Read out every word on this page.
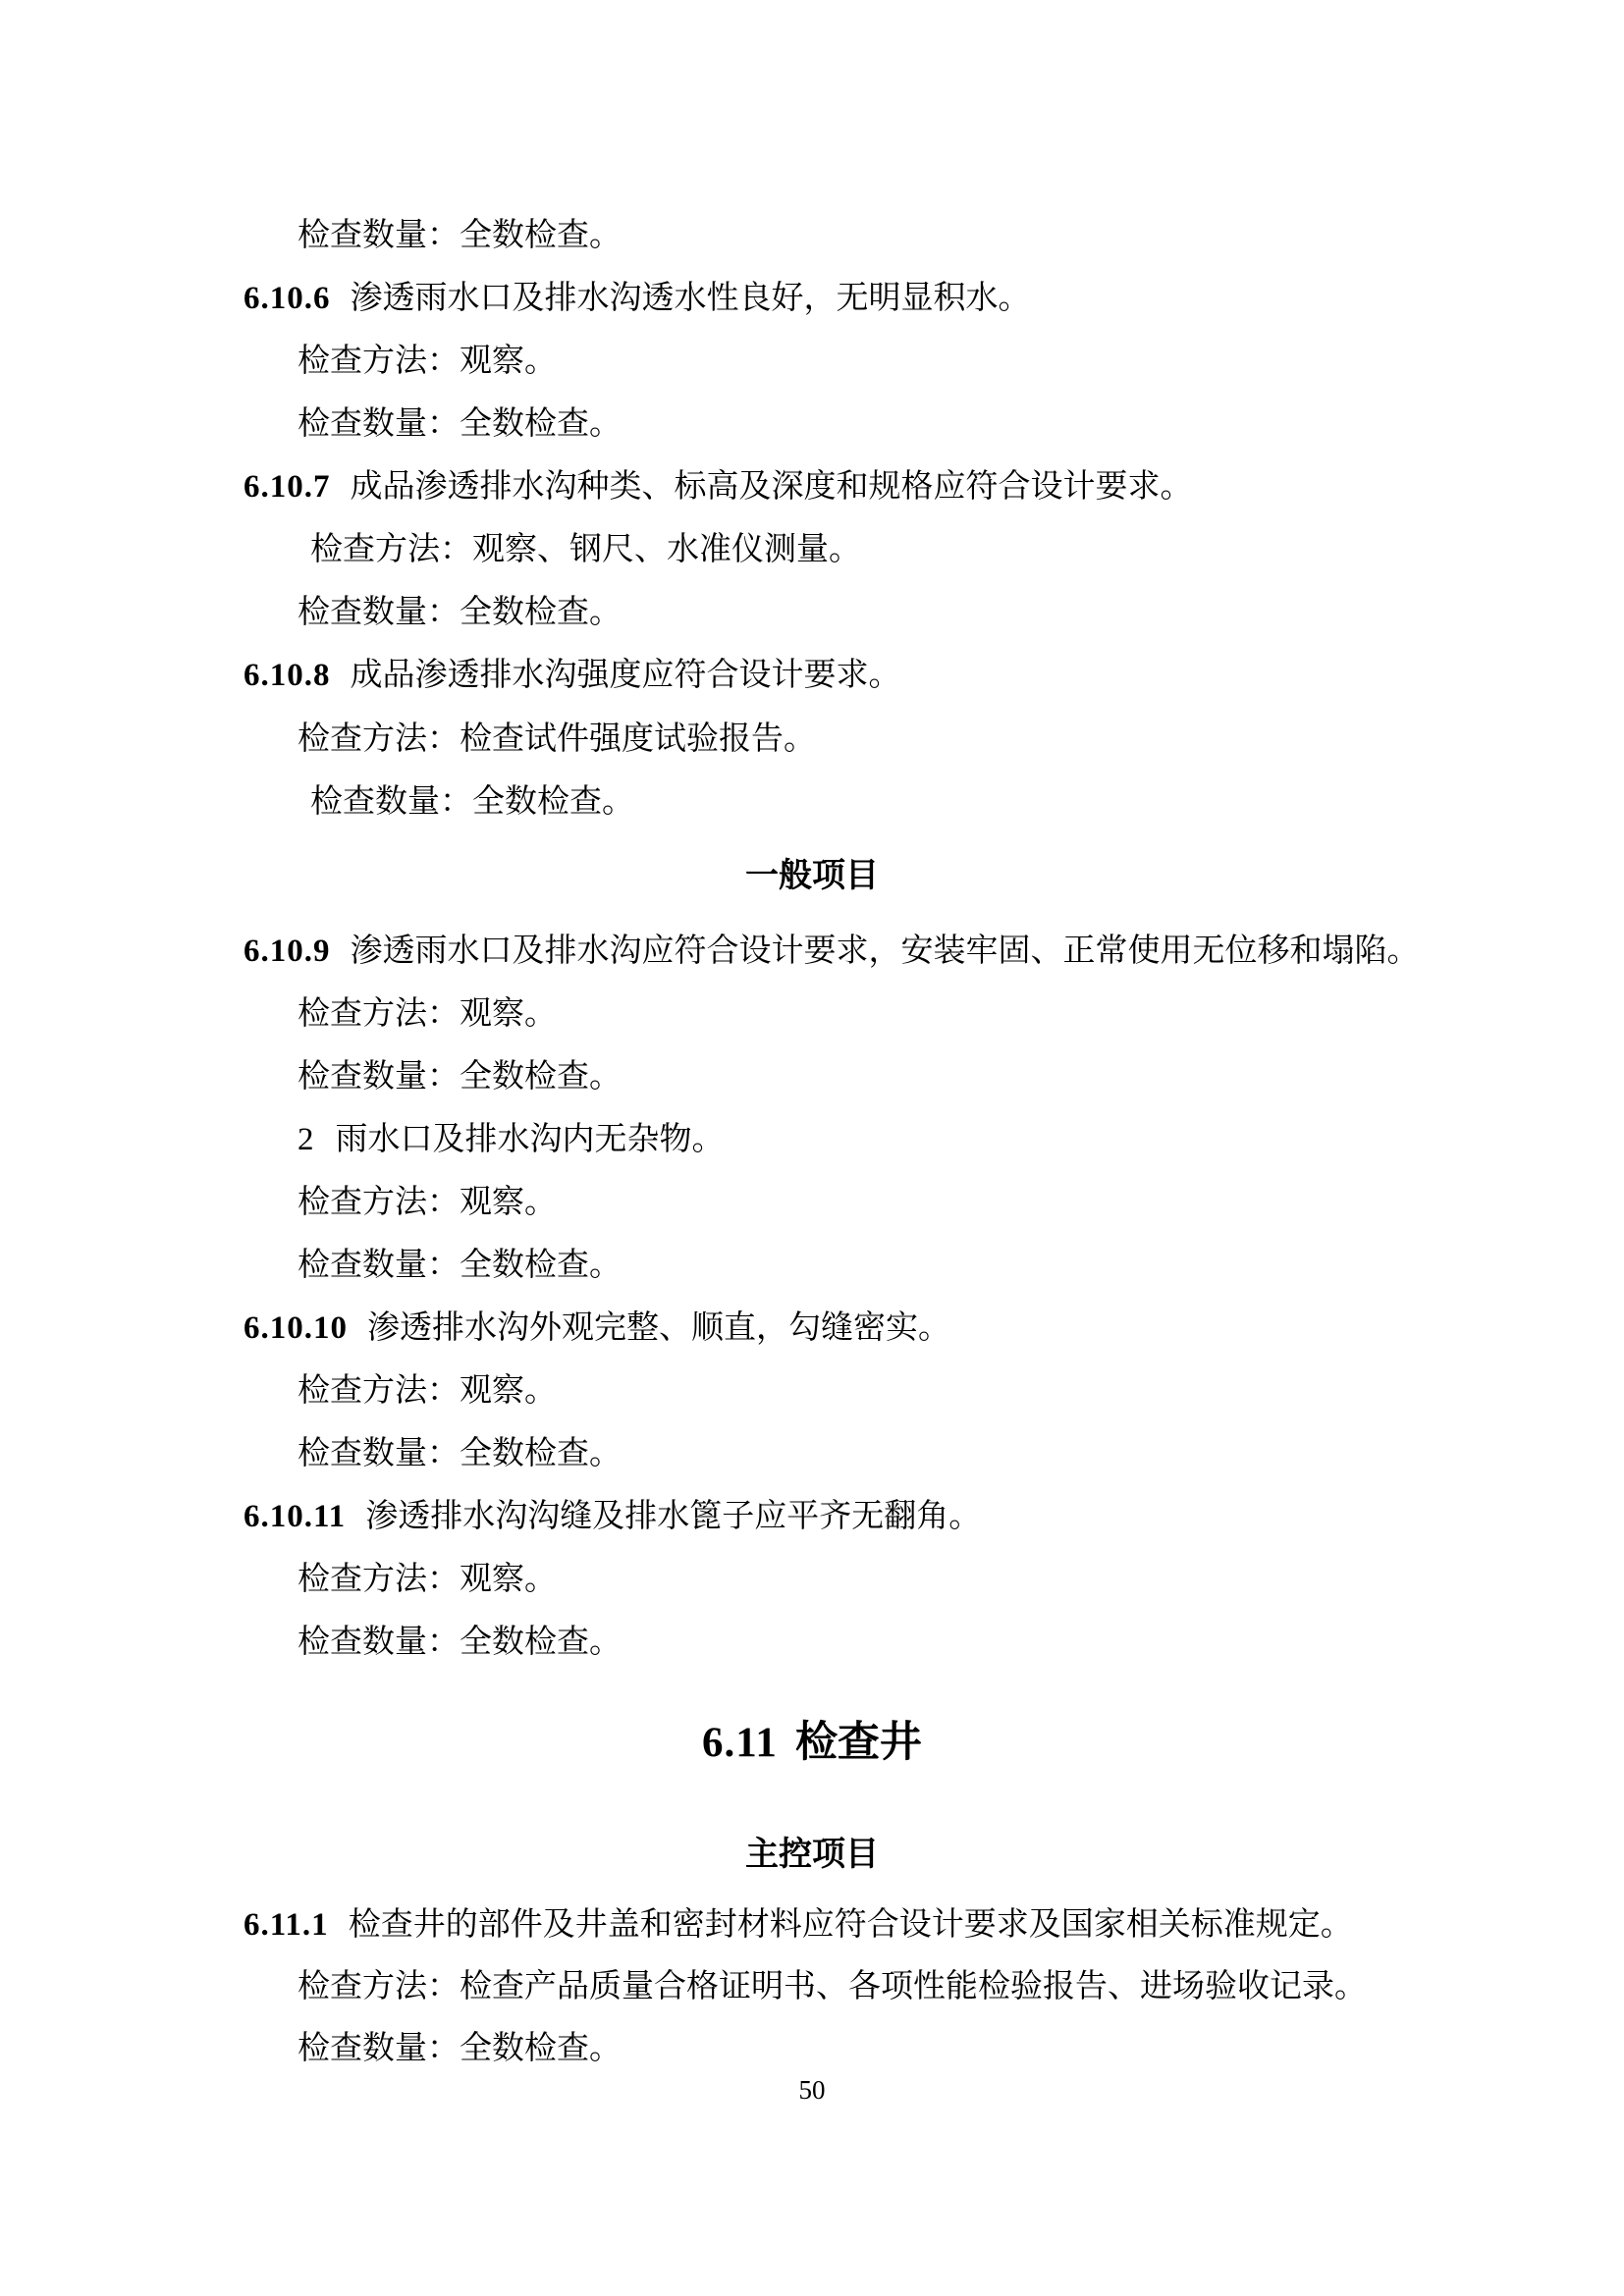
检查数量：全数检查。
6.10.6 渗透雨水口及排水沟透水性良好，无明显积水。
检查方法：观察。
检查数量：全数检查。
6.10.7 成品渗透排水沟种类、标高及深度和规格应符合设计要求。
检查方法：观察、钢尺、水准仪测量。
检查数量：全数检查。
6.10.8 成品渗透排水沟强度应符合设计要求。
检查方法：检查试件强度试验报告。
检查数量：全数检查。
一般项目
6.10.9 渗透雨水口及排水沟应符合设计要求，安装牢固、正常使用无位移和塌陷。
检查方法：观察。
检查数量：全数检查。
2 雨水口及排水沟内无杂物。
检查方法：观察。
检查数量：全数检查。
6.10.10 渗透排水沟外观完整、顺直，勾缝密实。
检查方法：观察。
检查数量：全数检查。
6.10.11 渗透排水沟沟缝及排水篦子应平齐无翻角。
检查方法：观察。
检查数量：全数检查。
6.11 检查井
主控项目
6.11.1 检查井的部件及井盖和密封材料应符合设计要求及国家相关标准规定。
检查方法：检查产品质量合格证明书、各项性能检验报告、进场验收记录。
检查数量：全数检查。
50
